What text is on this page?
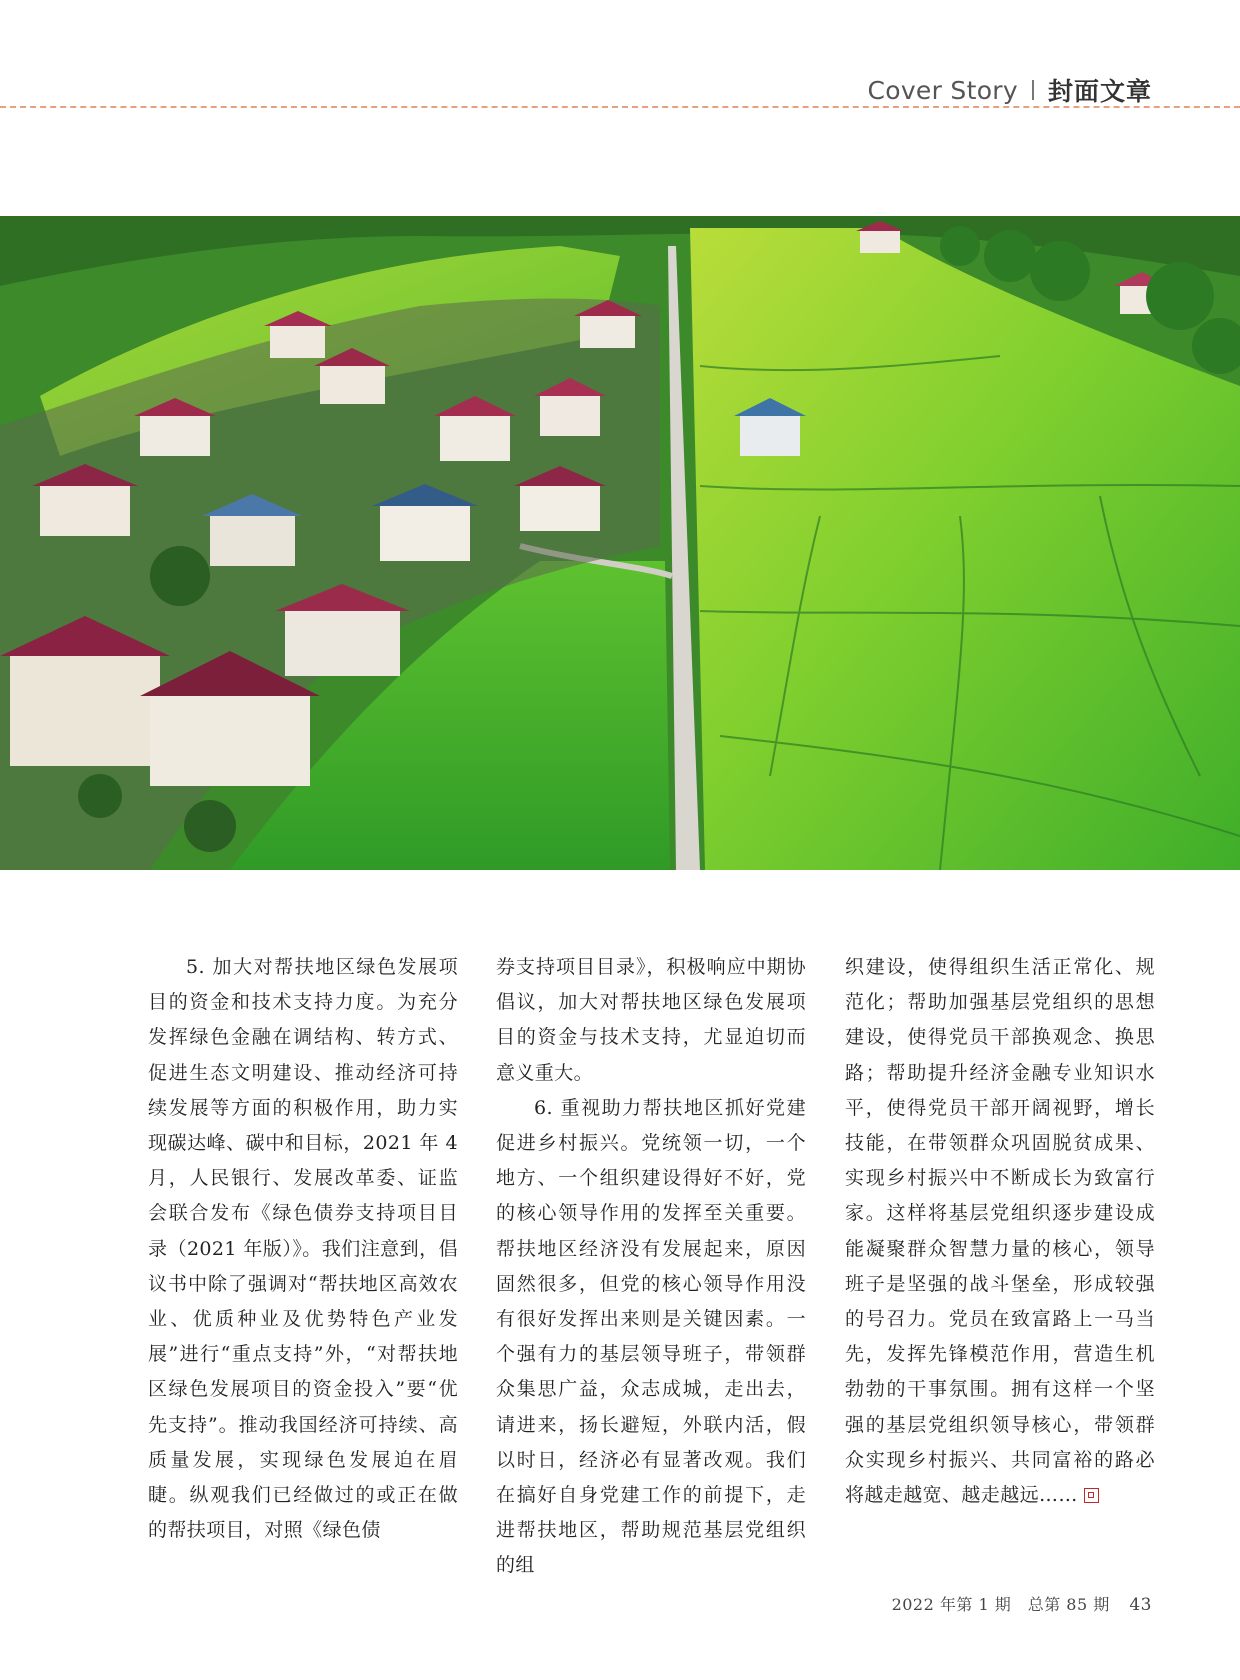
Cover Story 封面文章

5. 加大对帮扶地区绿色发展项目的资金和技术支持力度。为充分发挥绿色金融在调结构、转方式、促进生态文明建设、推动经济可持续发展等方面的积极作用，助力实现碳达峰、碳中和目标，2021 年 4 月，人民银行、发展改革委、证监会联合发布《绿色债券支持项目目录（2021 年版）》。我们注意到，倡议书中除了强调对“帮扶地区高效农业、优质种业及优势特色产业发展”进行“重点支持”外，“对帮扶地区绿色发展项目的资金投入”要“优先支持”。推动我国经济可持续、高质量发展，实现绿色发展迫在眉睫。纵观我们已经做过的或正在做的帮扶项目，对照《绿色债

券支持项目目录》，积极响应中期协倡议，加大对帮扶地区绿色发展项目的资金与技术支持，尤显迫切而意义重大。

6. 重视助力帮扶地区抓好党建促进乡村振兴。党统领一切，一个地方、一个组织建设得好不好，党的核心领导作用的发挥至关重要。帮扶地区经济没有发展起来，原因固然很多，但党的核心领导作用没有很好发挥出来则是关键因素。一个强有力的基层领导班子，带领群众集思广益，众志成城，走出去，请进来，扬长避短，外联内活，假以时日，经济必有显著改观。我们在搞好自身党建工作的前提下，走进帮扶地区，帮助规范基层党组织的组

织建设，使得组织生活正常化、规范化；帮助加强基层党组织的思想建设，使得党员干部换观念、换思路；帮助提升经济金融专业知识水平，使得党员干部开阔视野，增长技能，在带领群众巩固脱贫成果、实现乡村振兴中不断成长为致富行家。这样将基层党组织逐步建设成能凝聚群众智慧力量的核心，领导班子是坚强的战斗堡垒，形成较强的号召力。党员在致富路上一马当先，发挥先锋模范作用，营造生机勃勃的干事氛围。拥有这样一个坚强的基层党组织领导核心，带领群众实现乡村振兴、共同富裕的路必将越走越宽、越走越远……

2022 年第 1 期　总第 85 期 43
